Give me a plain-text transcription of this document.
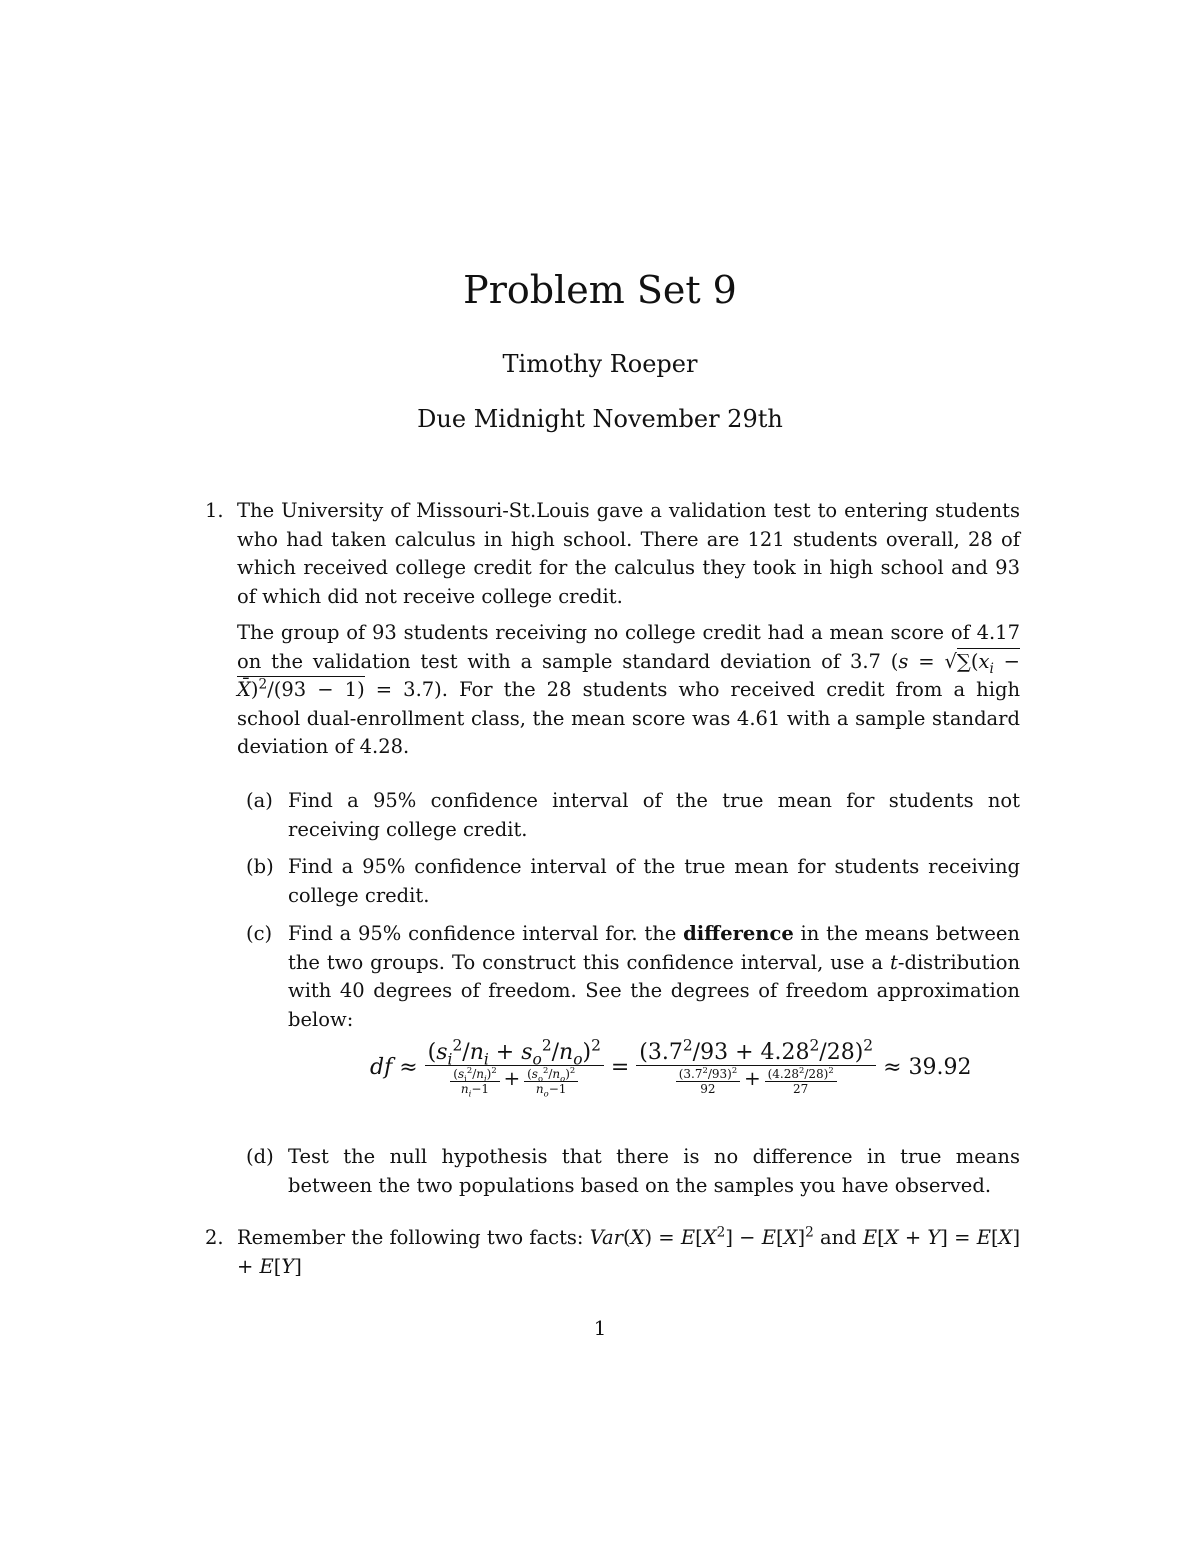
Problem Set 9
Timothy Roeper
Due Midnight November 29th
1. The University of Missouri-St.Louis gave a validation test to entering students who had taken calculus in high school. There are 121 students overall, 28 of which received college credit for the calculus they took in high school and 93 of which did not receive college credit.
The group of 93 students receiving no college credit had a mean score of 4.17 on the validation test with a sample standard deviation of 3.7 ($s = √\sum(x_i$ − X̄)$^2$/(93 − 1) = 3.7). For the 28 students who received credit from a high school dual-enrollment class, the mean score was 4.61 with a sample standard deviation of 4.28.
(a) Find a 95% confidence interval of the true mean for students not receiving college credit.
(b) Find a 95% confidence interval of the true mean for students receiving college credit.
(c) Find a 95% confidence interval for. the difference in the means between the two groups. To construct this confidence interval, use a t-distribution with 40 degrees of freedom. See the degrees of freedom approximation below:
df ≈ $\frac{(s_i^2/n_i + s_o^2/n_o)^2}{\frac{(s_i^2/n_i)^2}{n_i-1} + \frac{(s_o^2/n_o)^2}{n_o-1}} = \frac{(3.7^2/93 + 4.28^2/28)^2}{\frac{(3.7^2/93)^2}{92} + \frac{(4.28^2/28)^2}{27}} \approx 39.92$
(d) Test the null hypothesis that there is no difference in true means between the two populations based on the samples you have observed.
2. Remember the following two facts: $Var(X) = E[X^2] - E[X]^2$ and E[X + Y] = E[X] + E[Y]
1
